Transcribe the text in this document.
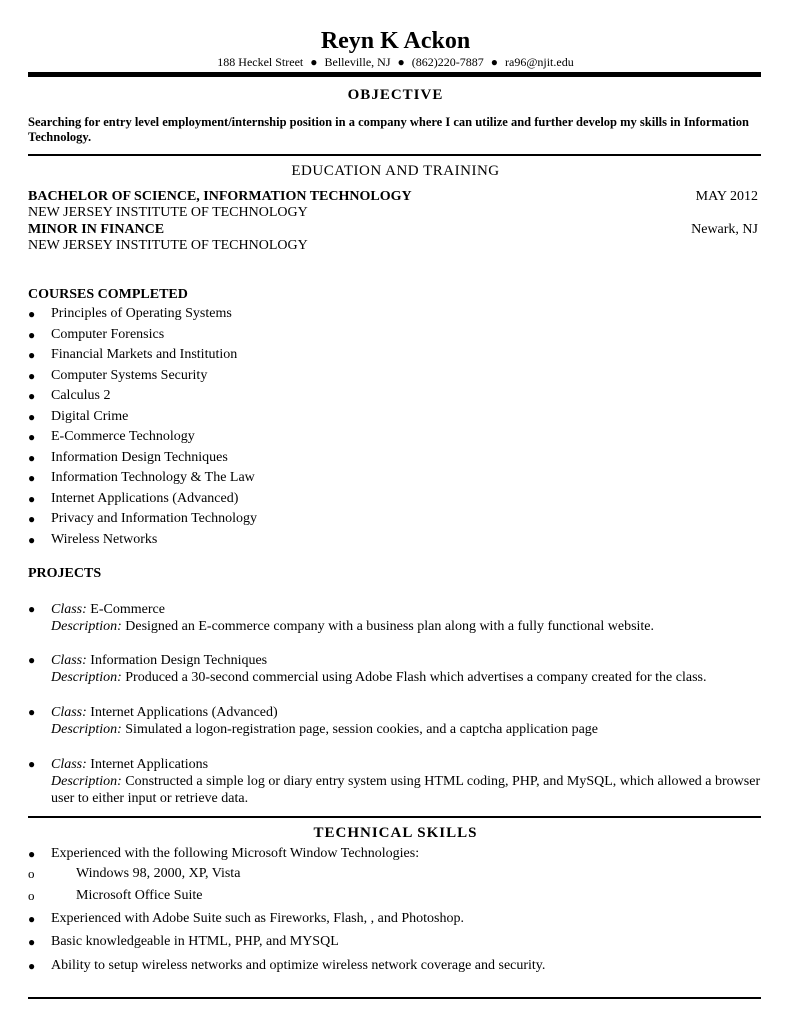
Reyn K Ackon
188 Heckel Street ● Belleville, NJ ● (862)220-7887 ● ra96@njit.edu
OBJECTIVE
Searching for entry level employment/internship position in a company where I can utilize and further develop my skills in Information Technology.
EDUCATION AND TRAINING
BACHELOR OF SCIENCE, INFORMATION TECHNOLOGY	MAY 2012
NEW JERSEY INSTITUTE OF TECHNOLOGY
MINOR IN FINANCE	Newark, NJ
NEW JERSEY INSTITUTE OF TECHNOLOGY
COURSES COMPLETED
● Principles of Operating Systems
● Computer Forensics
● Financial Markets and Institution
● Computer Systems Security
● Calculus 2
● Digital Crime
● E-Commerce Technology
● Information Design Techniques
● Information Technology & The Law
● Internet Applications (Advanced)
● Privacy and Information Technology
● Wireless Networks
PROJECTS
● Class: E-Commerce
Description: Designed an E-commerce company with a business plan along with a fully functional website.
● Class: Information Design Techniques
Description: Produced a 30-second commercial using Adobe Flash which advertises a company created for the class.
● Class: Internet Applications (Advanced)
Description: Simulated a logon-registration page, session cookies, and a captcha application page
● Class: Internet Applications
Description: Constructed a simple log or diary entry system using HTML coding, PHP, and MySQL, which allowed a browser user to either input or retrieve data.
TECHNICAL SKILLS
● Experienced with the following Microsoft Window Technologies:
o	Windows 98, 2000, XP, Vista
o	Microsoft Office Suite
● Experienced with Adobe Suite such as Fireworks, Flash, , and Photoshop.
● Basic knowledgeable in HTML, PHP, and MYSQL
● Ability to setup wireless networks and optimize wireless network coverage and security.
